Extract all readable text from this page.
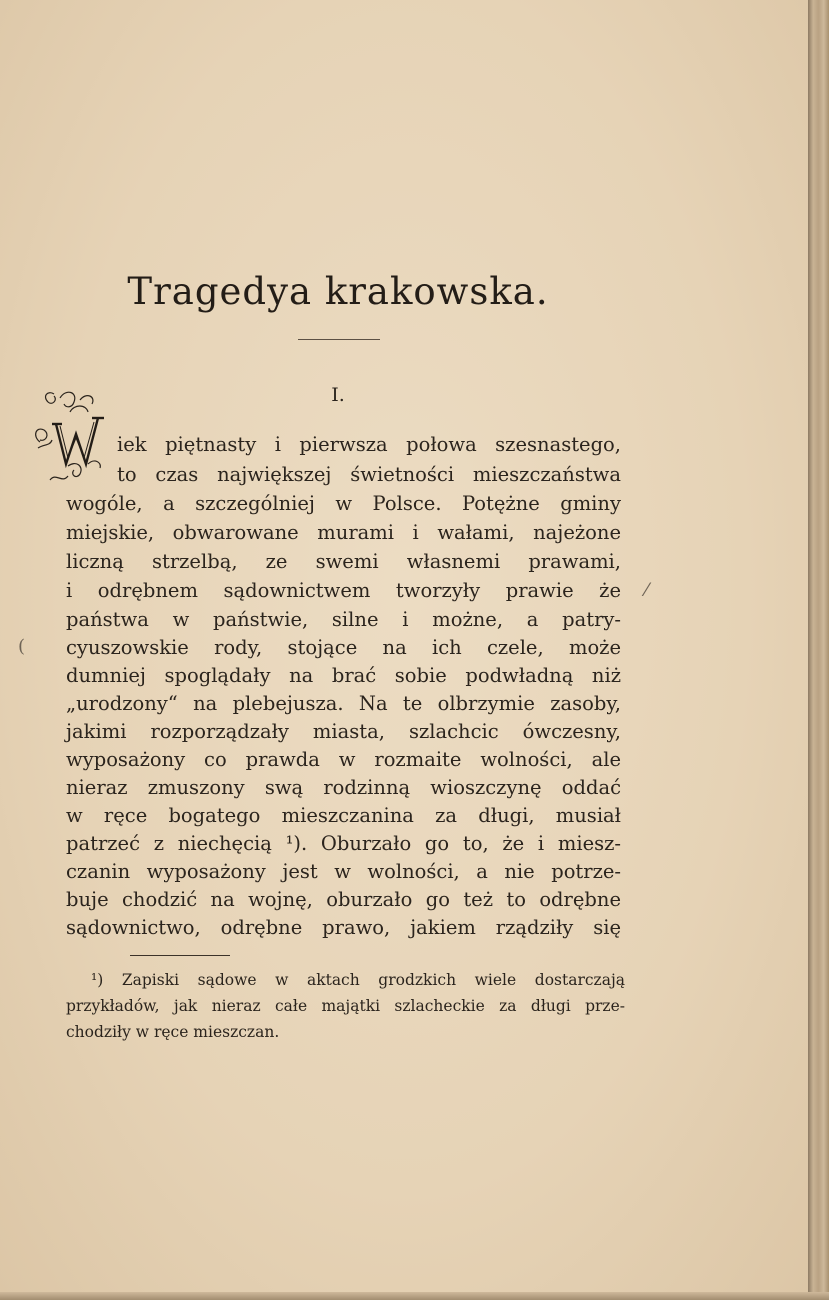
Tragedya krakowska.
I.
W
iek piętnasty i pierwsza połowa szesnastego,
to czas największej świetności mieszczaństwa
wogóle, a szczególniej w Polsce. Potężne gminy
miejskie, obwarowane murami i wałami, najeżone
liczną strzelbą, ze swemi własnemi prawami,
i odrębnem sądownictwem tworzyły prawie że
państwa w państwie, silne i możne, a patry-
cyuszowskie rody, stojące na ich czele, może
dumniej spoglądały na brać sobie podwładną niż
„urodzony“ na plebejusza. Na te olbrzymie zasoby,
jakimi rozporządzały miasta, szlachcic ówczesny,
wyposażony co prawda w rozmaite wolności, ale
nieraz zmuszony swą rodzinną wioszczynę oddać
w ręce bogatego mieszczanina za długi, musiał
patrzeć z niechęcią ¹). Oburzało go to, że i miesz-
czanin wyposażony jest w wolności, a nie potrze-
buje chodzić na wojnę, oburzało go też to odrębne
sądownictwo, odrębne prawo, jakiem rządziły się
¹) Zapiski sądowe w aktach grodzkich wiele dostarczają
przykładów, jak nieraz całe majątki szlacheckie za długi prze-
chodziły w ręce mieszczan.
⁄
(
